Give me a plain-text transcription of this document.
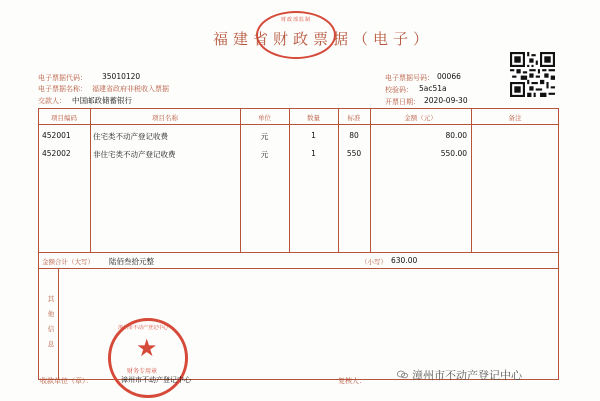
财政部监制
福建省财政票据（电子）
电子票据代码： 35010120
电子票据名称： 福建省政府非税收入票据
交款人： 中国邮政储蓄银行
电子票据号码： 00066
校验码： 5ac51a
开票日期： 2020-09-30
项目编码	项目名称	单位	数量	标准	金额（元）	备注
452001	住宅类不动产登记收费	元	1	80	80.00
452002	非住宅类不动产登记收费	元	1	550	550.00
金额合计（大写） 陆佰叁拾元整	（小写） 630.00
其
他
信
息	★
财务专用章
漳州市不动产登记中心
收款单位（章）：	漳州市不动产登记中心	复核人：	漳州市不动产登记中心
